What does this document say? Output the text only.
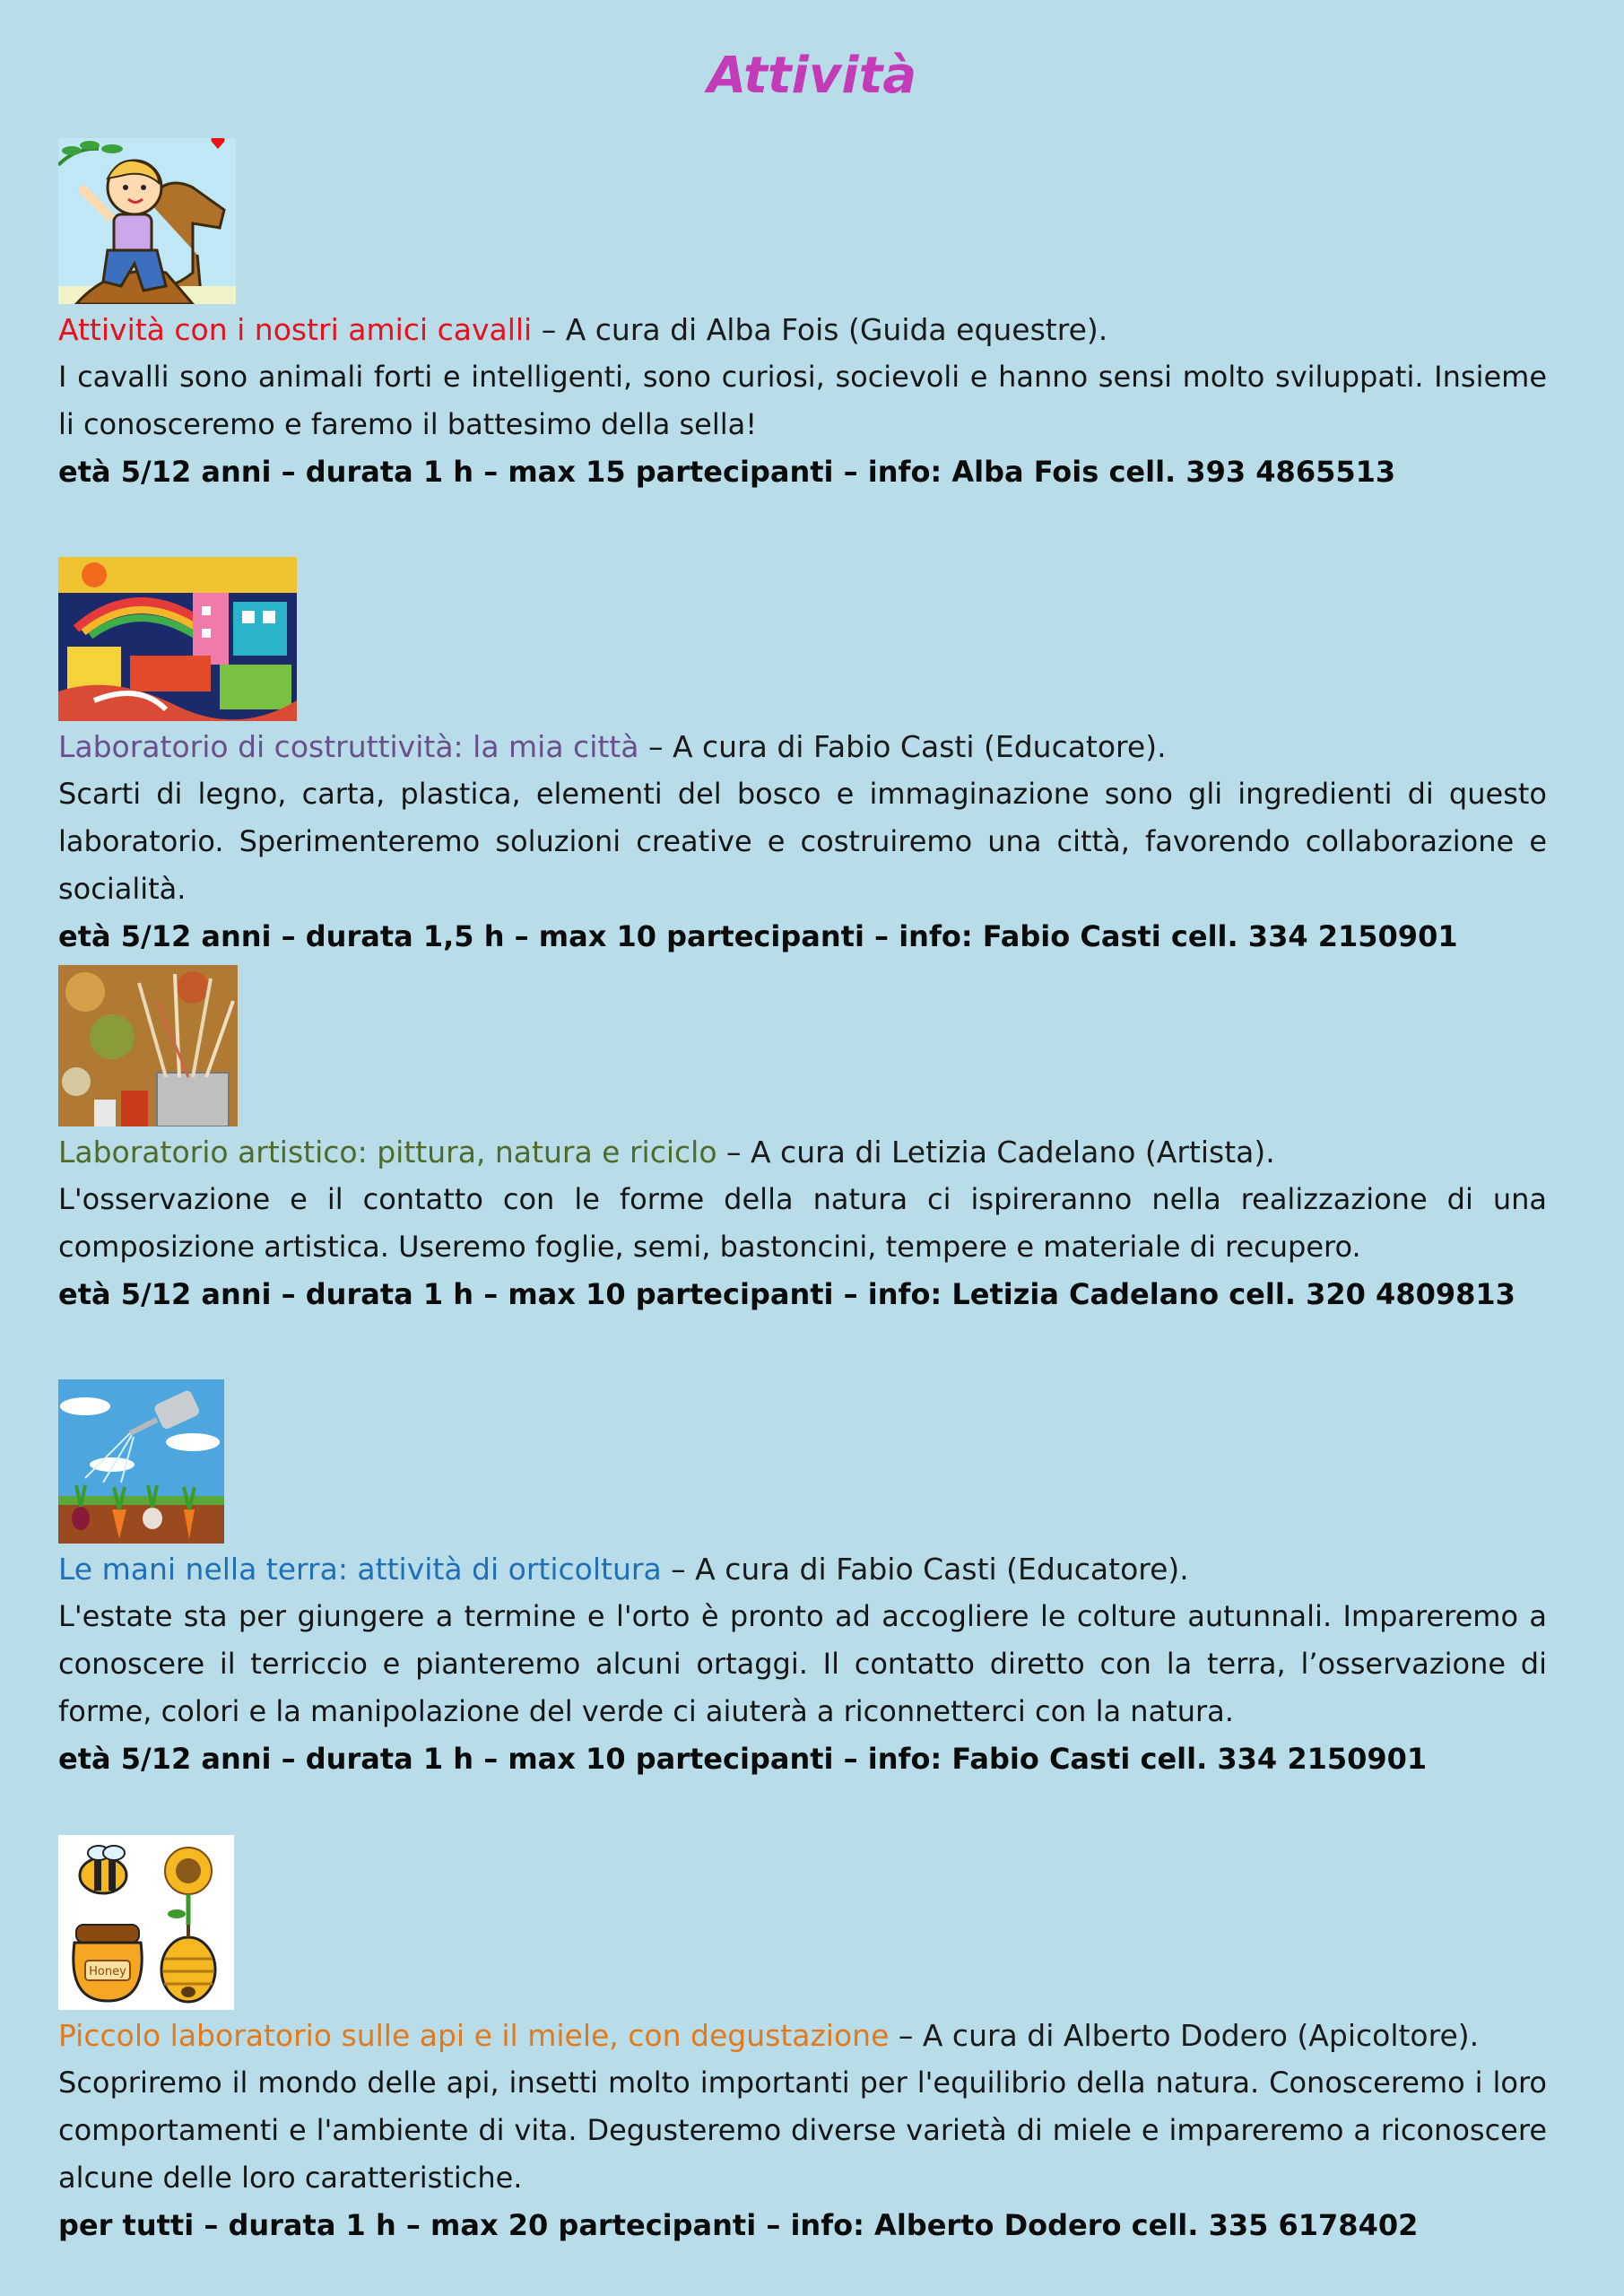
Attività

Attività con i nostri amici cavalli – A cura di Alba Fois (Guida equestre).

I cavalli sono animali forti e intelligenti, sono curiosi, socievoli e hanno sensi molto sviluppati. Insieme li conosceremo e faremo il battesimo della sella!

età 5/12 anni – durata 1 h – max 15 partecipanti – info: Alba Fois cell. 393 4865513

Laboratorio di costruttività: la mia città – A cura di Fabio Casti (Educatore).

Scarti di legno, carta, plastica, elementi del bosco e immaginazione sono gli ingredienti di questo laboratorio. Sperimenteremo soluzioni creative e costruiremo una città, favorendo collaborazione e socialità.

età 5/12 anni – durata 1,5 h – max 10 partecipanti – info: Fabio Casti cell. 334 2150901

Laboratorio artistico: pittura, natura e riciclo – A cura di Letizia Cadelano (Artista).

L'osservazione e il contatto con le forme della natura ci ispireranno nella realizzazione di una composizione artistica. Useremo foglie, semi, bastoncini, tempere e materiale di recupero.

età 5/12 anni – durata 1 h – max 10 partecipanti – info: Letizia Cadelano cell. 320 4809813

Le mani nella terra: attività di orticoltura – A cura di Fabio Casti (Educatore).

L'estate sta per giungere a termine e l'orto è pronto ad accogliere le colture autunnali. Impareremo a conoscere il terriccio e pianteremo alcuni ortaggi. Il contatto diretto con la terra, l’osservazione di forme, colori e la manipolazione del verde ci aiuterà a riconnetterci con la natura.

età 5/12 anni – durata 1 h – max 10 partecipanti – info: Fabio Casti cell. 334 2150901

Honey

Piccolo laboratorio sulle api e il miele, con degustazione – A cura di Alberto Dodero (Apicoltore).

Scopriremo il mondo delle api, insetti molto importanti per l'equilibrio della natura. Conosceremo i loro comportamenti e l'ambiente di vita. Degusteremo diverse varietà di miele e impareremo a riconoscere alcune delle loro caratteristiche.

per tutti – durata 1 h – max 20 partecipanti – info: Alberto Dodero cell. 335 6178402
